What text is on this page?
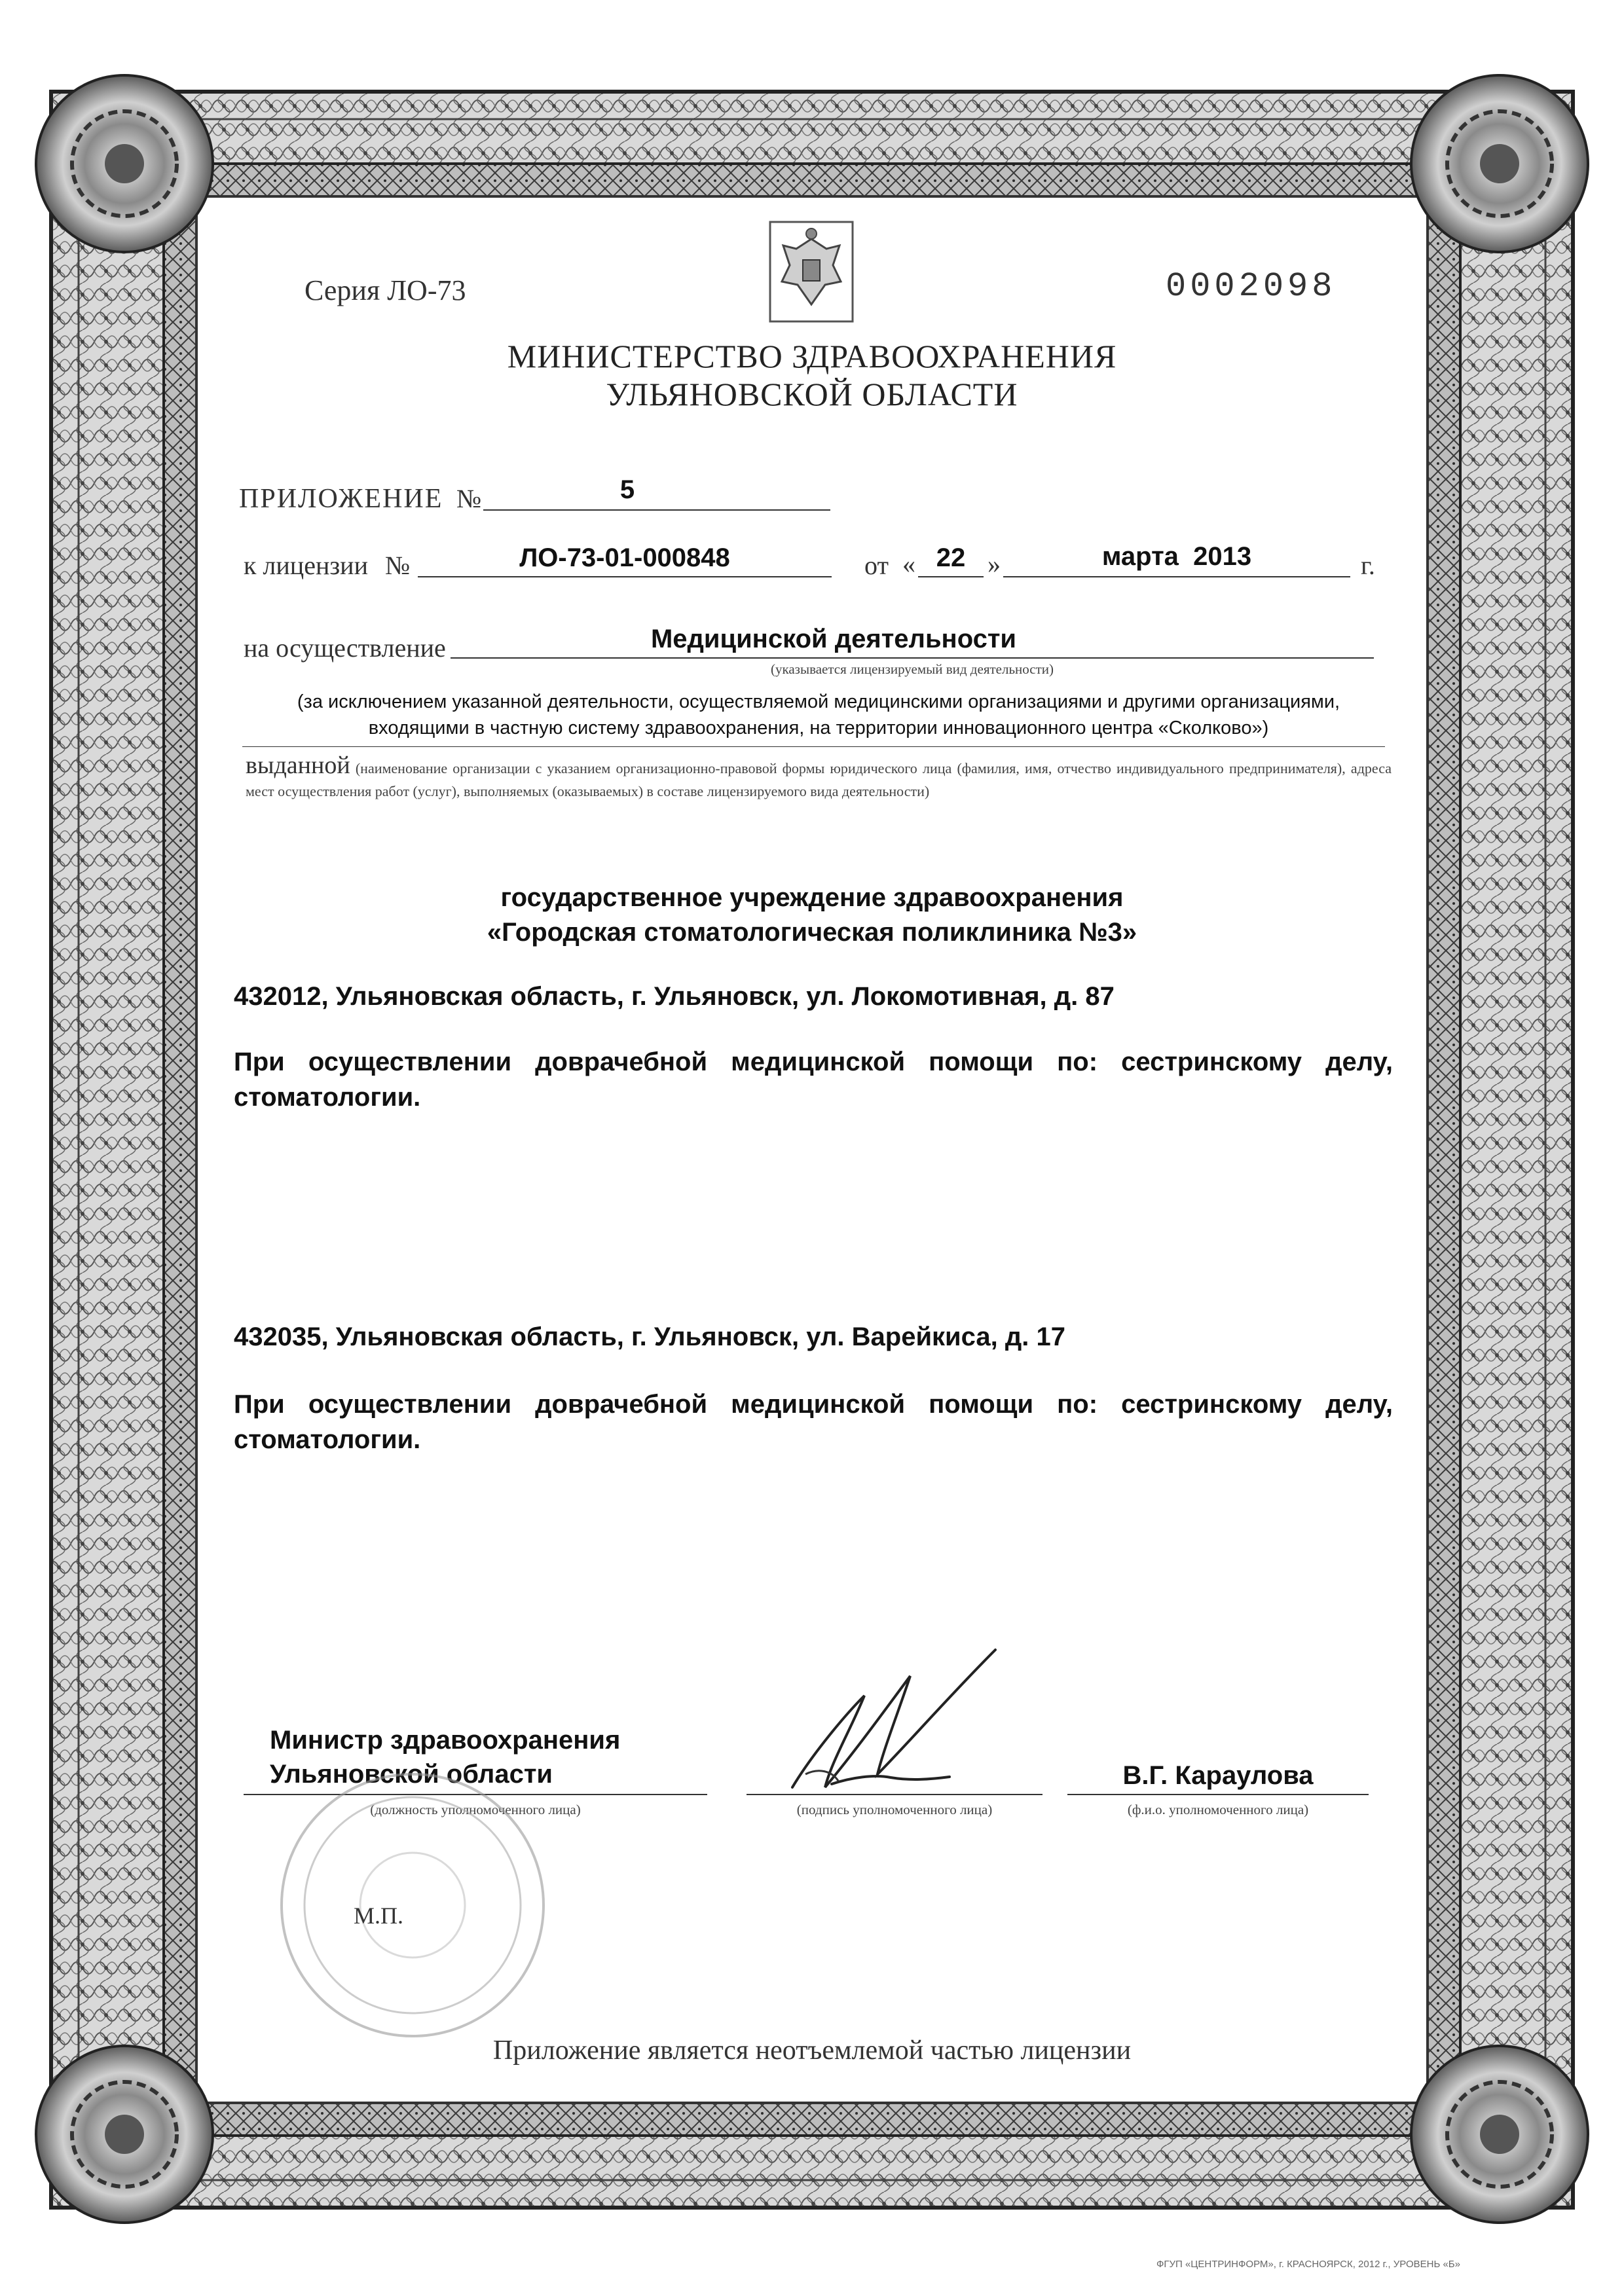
Серия ЛО-73	0002098
МИНИСТЕРСТВО ЗДРАВООХРАНЕНИЯ
УЛЬЯНОВСКОЙ ОБЛАСТИ
ПРИЛОЖЕНИЕ №	5
к лицензии №	ЛО-73-01-000848	от « 22 »	марта  2013	г.
на осуществление	Медицинской деятельности
(указывается лицензируемый вид деятельности)
(за исключением указанной деятельности, осуществляемой медицинскими организациями и другими организациями, входящими в частную систему здравоохранения, на территории инновационного центра «Сколково»)
выданной (наименование организации с указанием организационно-правовой формы юридического лица (фамилия, имя, отчество индивидуального предпринимателя), адреса мест осуществления работ (услуг), выполняемых (оказываемых) в составе лицензируемого вида деятельности)
государственное учреждение здравоохранения
«Городская стоматологическая поликлиника №3»
432012, Ульяновская область, г. Ульяновск, ул. Локомотивная, д. 87
При осуществлении доврачебной медицинской помощи по: сестринскому делу, стоматологии.
432035, Ульяновская область, г. Ульяновск, ул. Варейкиса, д. 17
При осуществлении доврачебной медицинской помощи по: сестринскому делу, стоматологии.
Министр здравоохранения
Ульяновской области
(должность уполномоченного лица)	(подпись уполномоченного лица)
В.Г. Караулова
(ф.и.о. уполномоченного лица)
М.П.
Приложение является неотъемлемой частью лицензии
ФГУП «ЦЕНТРИНФОРМ», г. КРАСНОЯРСК, 2012 г., УРОВЕНЬ «Б»
